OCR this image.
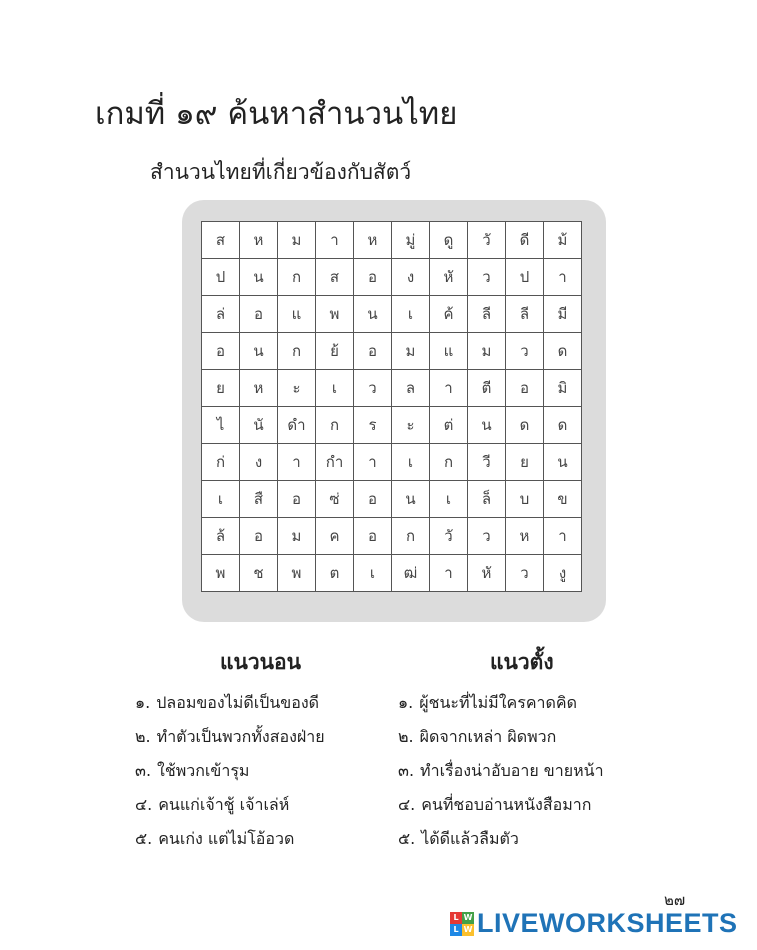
เกมที่ ๑๙ ค้นหาสำนวนไทย
สำนวนไทยที่เกี่ยวข้องกับสัตว์
ส	ห	ม	า	ห	มู่	ดู	วั	ดี	ม้
ป	น	ก	ส	อ	ง	หั	ว	ป	า
ล่	อ	แ	พ	น	เ	ค้	ลี	ลี	มี
อ	น	ก	ย้	อ	ม	แ	ม	ว	ด
ย	ห	ะ	เ	ว	ล	า	ตี	อ	มิ
ไ	นั	ดำ	ก	ร	ะ	ต่	น	ด	ด
ก่	ง	า	กำ	า	เ	ก	วี	ย	น
เ	สื	อ	ซ่	อ	น	เ	ล็	บ	ข
ล้	อ	ม	ค	อ	ก	วั	ว	ห	า
พ	ช	พ	ต	เ	ฒ่	า	หั	ว	งู
แนวนอน	แนวตั้ง
๑. ปลอมของไม่ดีเป็นของดี
๒. ทำตัวเป็นพวกทั้งสองฝ่าย
๓. ใช้พวกเข้ารุม
๔. คนแก่เจ้าชู้ เจ้าเล่ห์
๕. คนเก่ง แต่ไม่โอ้อวด
๑. ผู้ชนะที่ไม่มีใครคาดคิด
๒. ผิดจากเหล่า ผิดพวก
๓. ทำเรื่องน่าอับอาย ขายหน้า
๔. คนที่ชอบอ่านหนังสือมาก
๕. ได้ดีแล้วลืมตัว
๒๗
L W
L W LIVEWORKSHEETS
